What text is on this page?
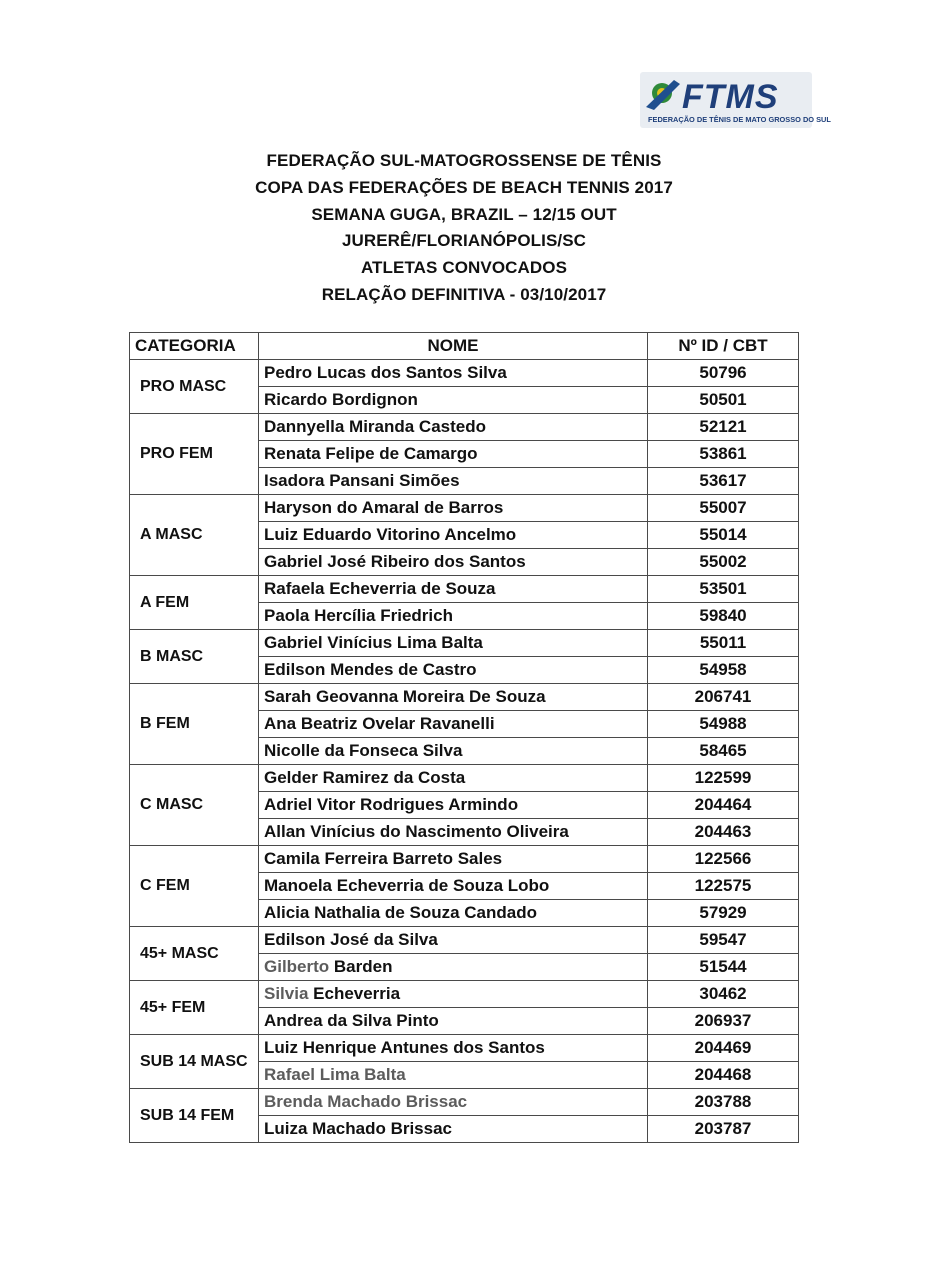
FTMS
FEDERAÇÃO DE TÊNIS DE MATO GROSSO DO SUL
FEDERAÇÃO SUL-MATOGROSSENSE DE TÊNIS
COPA DAS FEDERAÇÕES DE BEACH TENNIS 2017
SEMANA GUGA, BRAZIL – 12/15 OUT
JURERÊ/FLORIANÓPOLIS/SC
ATLETAS CONVOCADOS
RELAÇÃO DEFINITIVA - 03/10/2017
CATEGORIA	NOME	Nº ID / CBT
PRO MASC	Pedro Lucas dos Santos Silva	50796
	Ricardo Bordignon	50501
PRO FEM	Dannyella Miranda Castedo	52121
	Renata Felipe de Camargo	53861
	Isadora Pansani Simões	53617
A MASC	Haryson do Amaral de Barros	55007
	Luiz Eduardo Vitorino Ancelmo	55014
	Gabriel José Ribeiro dos Santos	55002
A FEM	Rafaela Echeverria de Souza	53501
	Paola Hercília Friedrich	59840
B MASC	Gabriel Vinícius Lima Balta	55011
	Edilson Mendes de Castro	54958
B FEM	Sarah Geovanna Moreira De Souza	206741
	Ana Beatriz Ovelar Ravanelli	54988
	Nicolle da Fonseca Silva	58465
C MASC	Gelder Ramirez da Costa	122599
	Adriel Vitor Rodrigues Armindo	204464
	Allan Vinícius do Nascimento Oliveira	204463
C FEM	Camila Ferreira Barreto Sales	122566
	Manoela Echeverria de Souza Lobo	122575
	Alicia Nathalia de Souza Candado	57929
45+ MASC	Edilson José da Silva	59547
	Gilberto Barden	51544
45+ FEM	Silvia Echeverria	30462
	Andrea da Silva Pinto	206937
SUB 14 MASC	Luiz Henrique Antunes dos Santos	204469
	Rafael Lima Balta	204468
SUB 14 FEM	Brenda Machado Brissac	203788
	Luiza Machado Brissac	203787
